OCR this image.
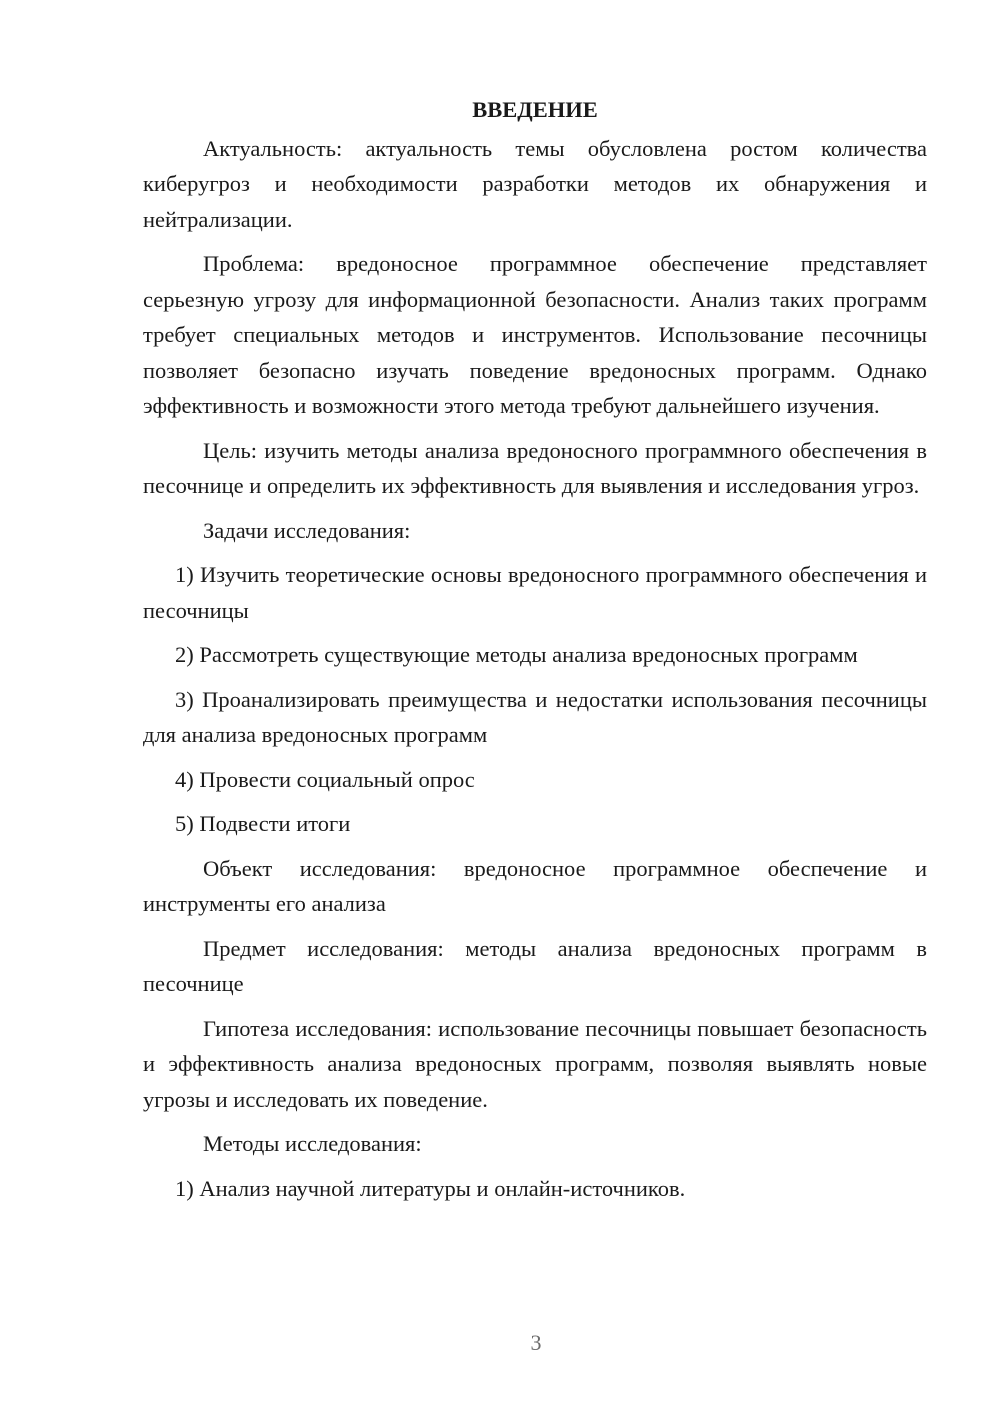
ВВЕДЕНИЕ

Актуальность: актуальность темы обусловлена ростом количества киберугроз и необходимости разработки методов их обнаружения и нейтрализации.

Проблема: вредоносное программное обеспечение представляет серьезную угрозу для информационной безопасности. Анализ таких программ требует специальных методов и инструментов. Использование песочницы позволяет безопасно изучать поведение вредоносных программ. Однако эффективность и возможности этого метода требуют дальнейшего изучения.

Цель: изучить методы анализа вредоносного программного обеспечения в песочнице и определить их эффективность для выявления и исследования угроз.

Задачи исследования:

1) Изучить теоретические основы вредоносного программного обеспечения и песочницы

2) Рассмотреть существующие методы анализа вредоносных программ

3) Проанализировать преимущества и недостатки использования песочницы для анализа вредоносных программ

4) Провести социальный опрос

5) Подвести итоги

Объект исследования: вредоносное программное обеспечение и инструменты его анализа

Предмет исследования: методы анализа вредоносных программ в песочнице

Гипотеза исследования: использование песочницы повышает безопасность и эффективность анализа вредоносных программ, позволяя выявлять новые угрозы и исследовать их поведение.

Методы исследования:

1) Анализ научной литературы и онлайн-источников.

3
